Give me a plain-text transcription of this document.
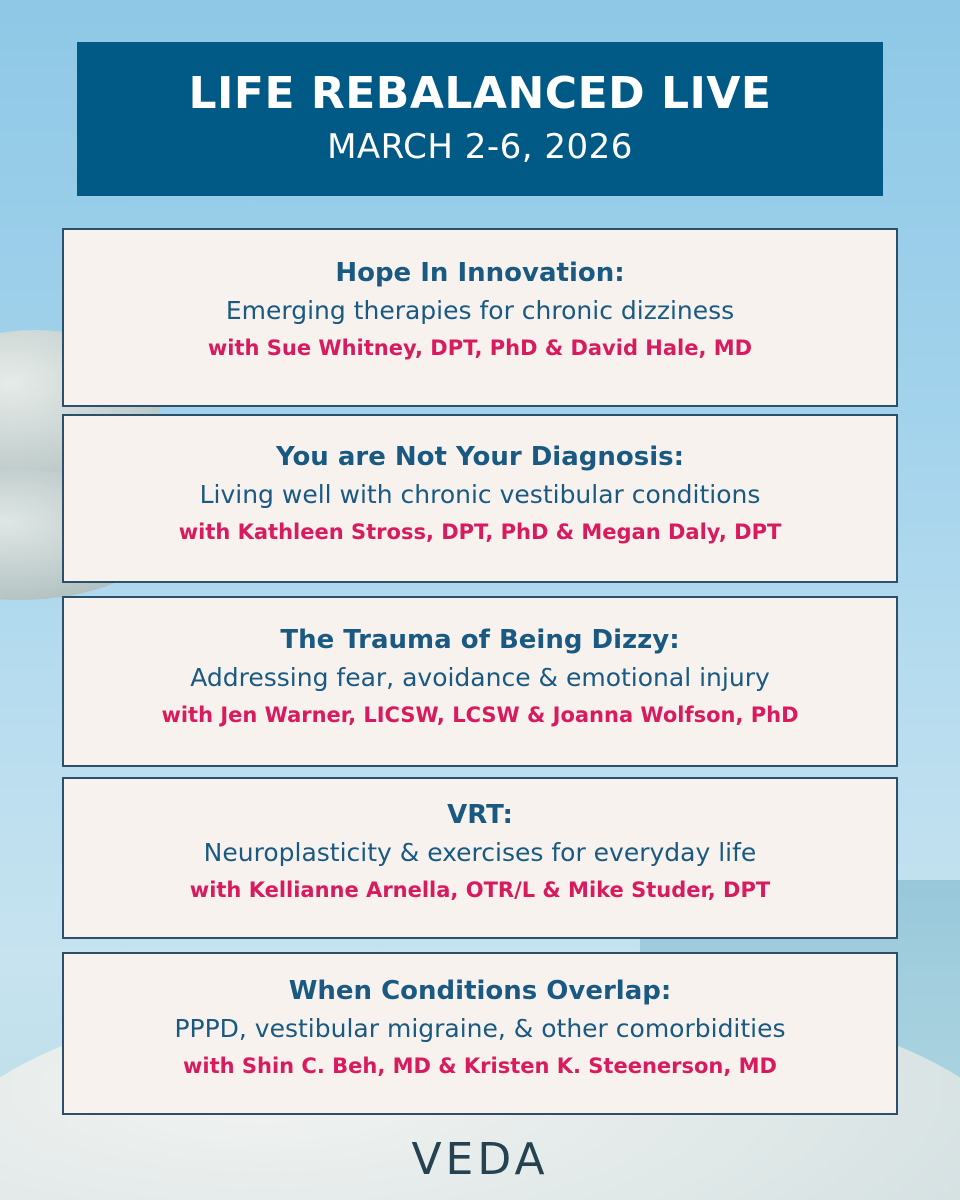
LIFE REBALANCED LIVE
MARCH 2-6, 2026
Hope In Innovation:
Emerging therapies for chronic dizziness
with Sue Whitney, DPT, PhD & David Hale, MD
You are Not Your Diagnosis:
Living well with chronic vestibular conditions
with Kathleen Stross, DPT, PhD & Megan Daly, DPT
The Trauma of Being Dizzy:
Addressing fear, avoidance & emotional injury
with Jen Warner, LICSW, LCSW & Joanna Wolfson, PhD
VRT:
Neuroplasticity & exercises for everyday life
with Kellianne Arnella, OTR/L & Mike Studer, DPT
When Conditions Overlap:
PPPD, vestibular migraine, & other comorbidities
with Shin C. Beh, MD & Kristen K. Steenerson, MD
VEDA
